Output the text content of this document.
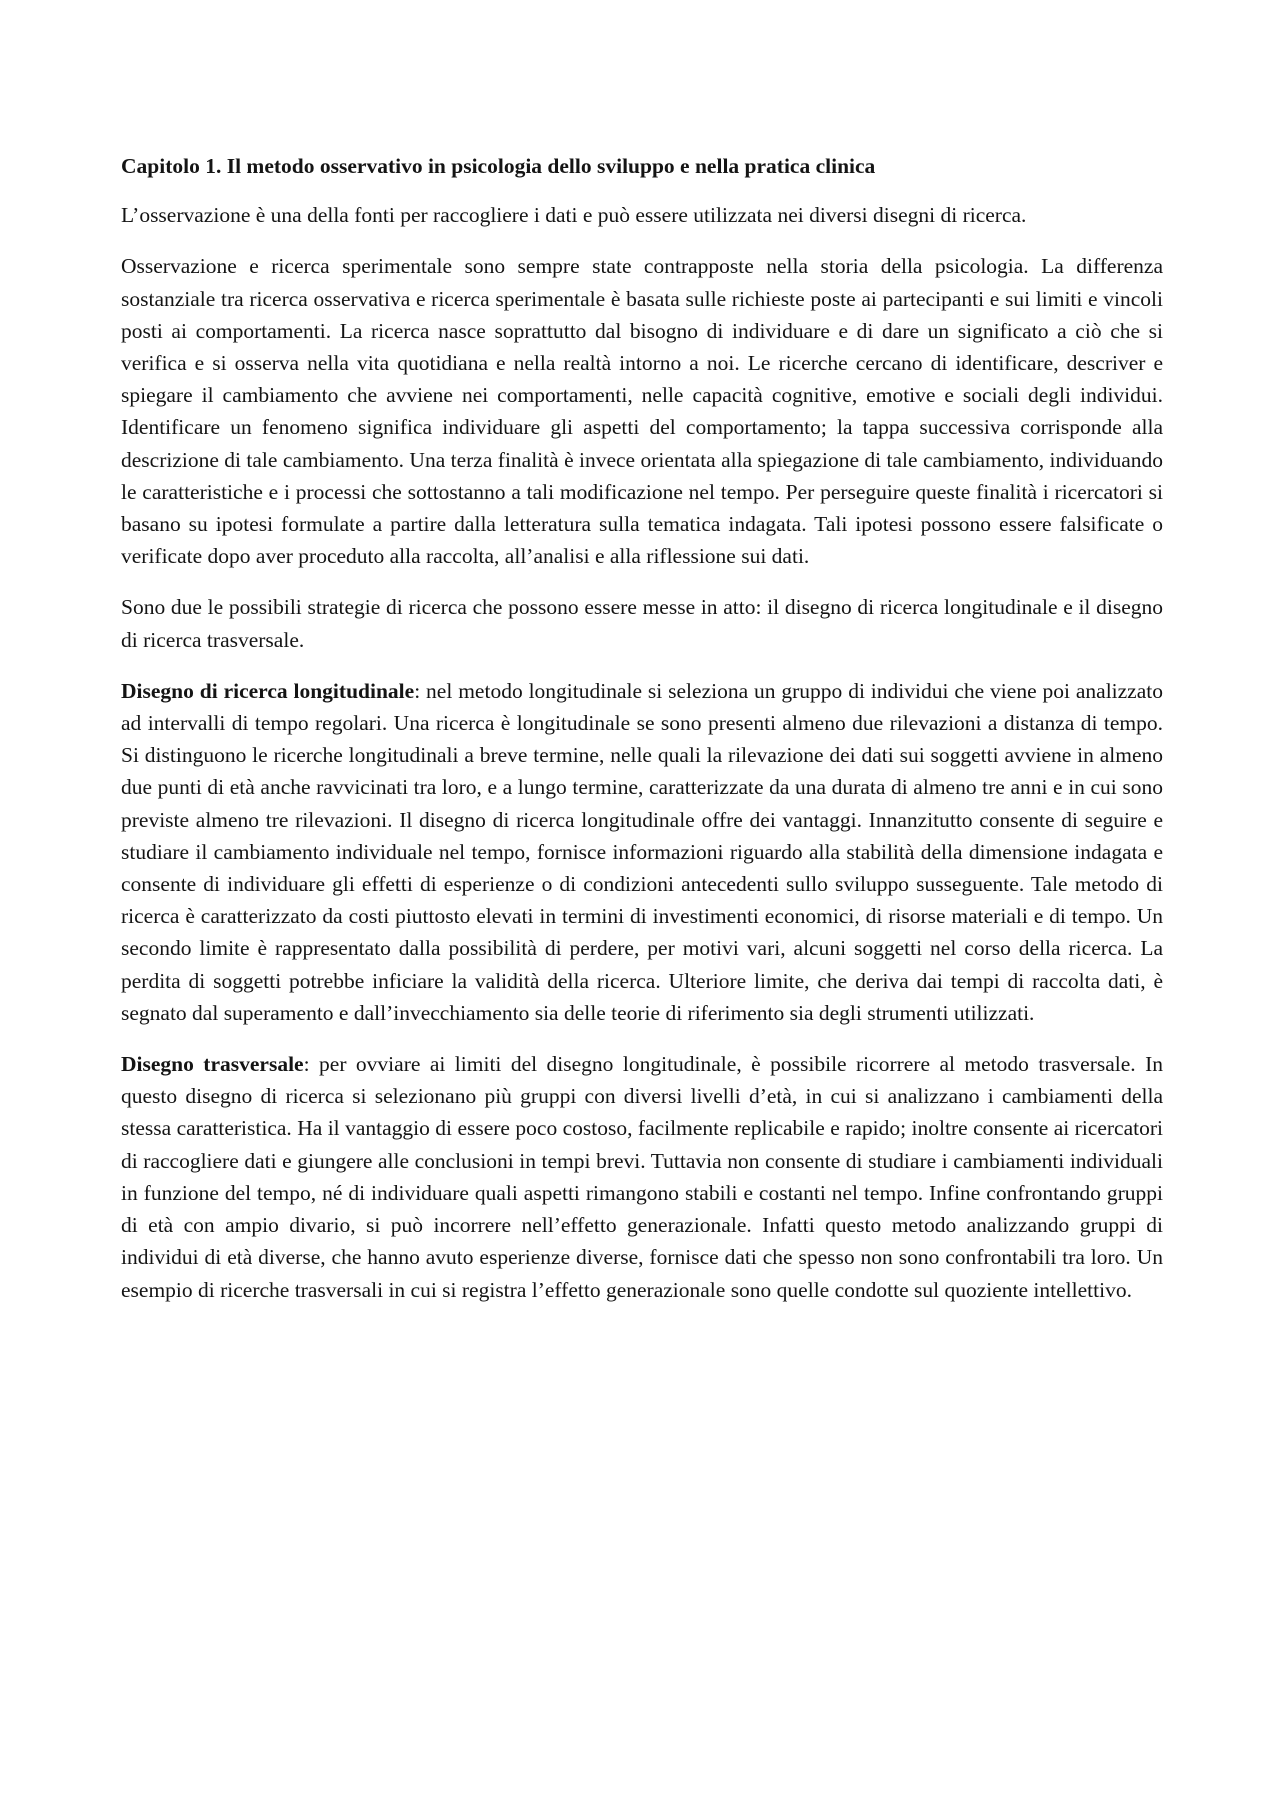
Capitolo 1. Il metodo osservativo in psicologia dello sviluppo e nella pratica clinica

L’osservazione è una della fonti per raccogliere i dati e può essere utilizzata nei diversi disegni di ricerca.

Osservazione e ricerca sperimentale sono sempre state contrapposte nella storia della psicologia. La differenza sostanziale tra ricerca osservativa e ricerca sperimentale è basata sulle richieste poste ai partecipanti e sui limiti e vincoli posti ai comportamenti. La ricerca nasce soprattutto dal bisogno di individuare e di dare un significato a ciò che si verifica e si osserva nella vita quotidiana e nella realtà intorno a noi. Le ricerche cercano di identificare, descriver e spiegare il cambiamento che avviene nei comportamenti, nelle capacità cognitive, emotive e sociali degli individui. Identificare un fenomeno significa individuare gli aspetti del comportamento; la tappa successiva corrisponde alla descrizione di tale cambiamento. Una terza finalità è invece orientata alla spiegazione di tale cambiamento, individuando le caratteristiche e i processi che sottostanno a tali modificazione nel tempo. Per perseguire queste finalità i ricercatori si basano su ipotesi formulate a partire dalla letteratura sulla tematica indagata. Tali ipotesi possono essere falsificate o verificate dopo aver proceduto alla raccolta, all’analisi e alla riflessione sui dati.

Sono due le possibili strategie di ricerca che possono essere messe in atto: il disegno di ricerca longitudinale e il disegno di ricerca trasversale.

Disegno di ricerca longitudinale: nel metodo longitudinale si seleziona un gruppo di individui che viene poi analizzato ad intervalli di tempo regolari. Una ricerca è longitudinale se sono presenti almeno due rilevazioni a distanza di tempo. Si distinguono le ricerche longitudinali a breve termine, nelle quali la rilevazione dei dati sui soggetti avviene in almeno due punti di età anche ravvicinati tra loro, e a lungo termine, caratterizzate da una durata di almeno tre anni e in cui sono previste almeno tre rilevazioni. Il disegno di ricerca longitudinale offre dei vantaggi. Innanzitutto consente di seguire e studiare il cambiamento individuale nel tempo, fornisce informazioni riguardo alla stabilità della dimensione indagata e consente di individuare gli effetti di esperienze o di condizioni antecedenti sullo sviluppo susseguente. Tale metodo di ricerca è caratterizzato da costi piuttosto elevati in termini di investimenti economici, di risorse materiali e di tempo. Un secondo limite è rappresentato dalla possibilità di perdere, per motivi vari, alcuni soggetti nel corso della ricerca. La perdita di soggetti potrebbe inficiare la validità della ricerca. Ulteriore limite, che deriva dai tempi di raccolta dati, è segnato dal superamento e dall’invecchiamento sia delle teorie di riferimento sia degli strumenti utilizzati.

Disegno trasversale: per ovviare ai limiti del disegno longitudinale, è possibile ricorrere al metodo trasversale. In questo disegno di ricerca si selezionano più gruppi con diversi livelli d’età, in cui si analizzano i cambiamenti della stessa caratteristica. Ha il vantaggio di essere poco costoso, facilmente replicabile e rapido; inoltre consente ai ricercatori di raccogliere dati e giungere alle conclusioni in tempi brevi. Tuttavia non consente di studiare i cambiamenti individuali in funzione del tempo, né di individuare quali aspetti rimangono stabili e costanti nel tempo. Infine confrontando gruppi di età con ampio divario, si può incorrere nell’effetto generazionale. Infatti questo metodo analizzando gruppi di individui di età diverse, che hanno avuto esperienze diverse, fornisce dati che spesso non sono confrontabili tra loro. Un esempio di ricerche trasversali in cui si registra l’effetto generazionale sono quelle condotte sul quoziente intellettivo.
